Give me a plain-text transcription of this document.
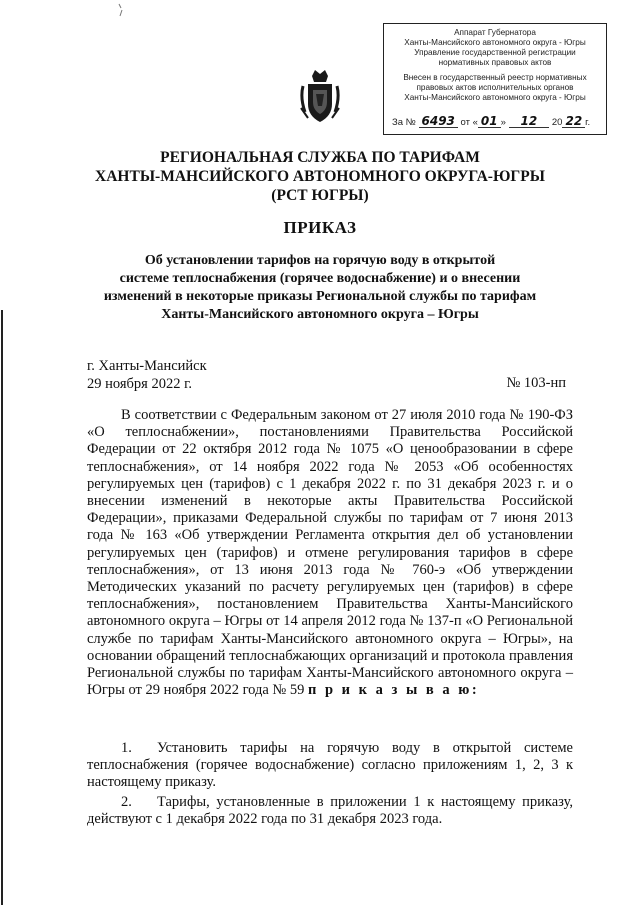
Аппарат Губернатора
Ханты-Мансийского автономного округа - Югры
Управление государственной регистрации
нормативных правовых актов
Внесен в государственный реестр нормативных
правовых актов исполнительных органов
Ханты-Мансийского автономного округа - Югры
За № 6493 от « 01 » 12 20 22 г.
РЕГИОНАЛЬНАЯ СЛУЖБА ПО ТАРИФАМ
ХАНТЫ-МАНСИЙСКОГО АВТОНОМНОГО ОКРУГА-ЮГРЫ
(РСТ ЮГРЫ)
ПРИКАЗ
Об установлении тарифов на горячую воду в открытой
системе теплоснабжения (горячее водоснабжение) и о внесении
изменений в некоторые приказы Региональной службы по тарифам
Ханты-Мансийского автономного округа – Югры
г. Ханты-Мансийск
29 ноября 2022 г.	№ 103-нп

В соответствии с Федеральным законом от 27 июля 2010 года № 190-ФЗ «О теплоснабжении», постановлениями Правительства Российской Федерации от 22 октября 2012 года № 1075 «О ценообразовании в сфере теплоснабжения», от 14 ноября 2022 года № 2053 «Об особенностях регулируемых цен (тарифов) с 1 декабря 2022 г. по 31 декабря 2023 г. и о внесении изменений в некоторые акты Правительства Российской Федерации», приказами Федеральной службы по тарифам от 7 июня 2013 года № 163 «Об утверждении Регламента открытия дел об установлении регулируемых цен (тарифов) и отмене регулирования тарифов в сфере теплоснабжения», от 13 июня 2013 года № 760-э «Об утверждении Методических указаний по расчету регулируемых цен (тарифов) в сфере теплоснабжения», постановлением Правительства Ханты-Мансийского автономного округа – Югры от 14 апреля 2012 года № 137-п «О Региональной службе по тарифам Ханты-Мансийского автономного округа – Югры», на основании обращений теплоснабжающих организаций и протокола правления Региональной службы по тарифам Ханты-Мансийского автономного округа – Югры от 29 ноября 2022 года № 59 п р и к а з ы в а ю:

1. Установить тарифы на горячую воду в открытой системе теплоснабжения (горячее водоснабжение) согласно приложениям 1, 2, 3 к настоящему приказу.

2. Тарифы, установленные в приложении 1 к настоящему приказу, действуют с 1 декабря 2022 года по 31 декабря 2023 года.
